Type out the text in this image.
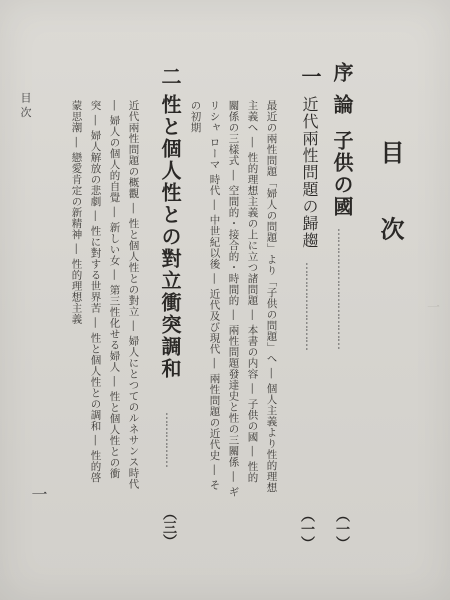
目 次
序
論
子供の國
……………………………
（一）
一
近代兩性問題の歸趨
……………………
（一）
最近の兩性問題「婦人の問題」より「子供の問題」へ ― 個人主義より性的理想
主義へ ― 性的理想主義の上に立つ諸問題 ― 本書の内容 ― 子供の國 ― 性的
關係の三樣式 ― 空間的・接合的・時間的 ― 兩性問題發達史と性の三關係 ― ギ
リシャ ローマ 時代 ― 中世紀以後 ― 近代及び現代 ― 兩性問題の近代史 ― そ
の初期
二
性と個人性との對立衝突調和
……………
（三）
近代兩性問題の概觀 ― 性と個人性との對立 ― 婦人にとつてのルネサンス時代
― 婦人の個人的自覺 ― 新しい女 ― 第三性化せる婦人 ― 性と個人性との衝
突 ― 婦人解放の悲劇 ― 性に對する世界苦 ― 性と個人性との調和 ― 性的啓
蒙思潮 ― 戀愛肯定の新精神 ― 性的理想主義
目 次
一
一
